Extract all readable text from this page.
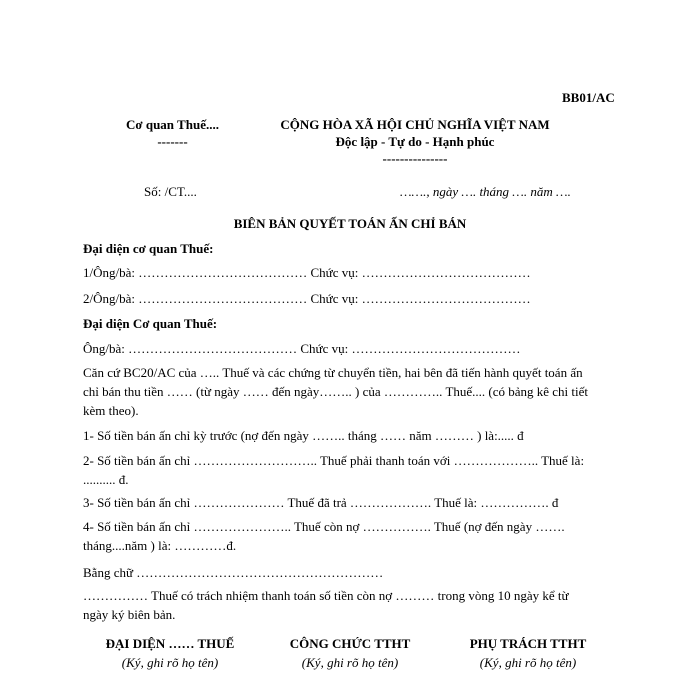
BB01/AC
Cơ quan Thuế....
-------
CỘNG HÒA XÃ HỘI CHỦ NGHĨA VIỆT NAM
Độc lập - Tự do - Hạnh phúc
---------------
Số: /CT....	……., ngày …. tháng …. năm ….
BIÊN BẢN QUYẾT TOÁN ẤN CHỈ BÁN
Đại diện cơ quan Thuế:
1/Ông/bà: ………………………………… Chức vụ: …………………………………
2/Ông/bà: ………………………………… Chức vụ: …………………………………
Đại diện Cơ quan Thuế:
Ông/bà: ………………………………… Chức vụ: …………………………………
Căn cứ BC20/AC của ….. Thuế và các chứng từ chuyển tiền, hai bên đã tiến hành quyết toán ấn chỉ bán thu tiền …… (từ ngày …… đến ngày…….. ) của ………….. Thuế.... (có bảng kê chi tiết kèm theo).
1- Số tiền bán ấn chỉ kỳ trước (nợ đến ngày …….. tháng …… năm ……… ) là:..... đ
2- Số tiền bán ấn chỉ ……………………….. Thuế phải thanh toán với ……………….. Thuế là: .......... đ.
3- Số tiền bán ấn chỉ ………………… Thuế đã trả ………………. Thuế là: ……………. đ
4- Số tiền bán ấn chỉ ………………….. Thuế còn nợ ……………. Thuế (nợ đến ngày ……. tháng....năm ) là: …………đ.
Bằng chữ …………………………………………………
…………… Thuế có trách nhiệm thanh toán số tiền còn nợ ……… trong vòng 10 ngày kể từ ngày ký biên bản.
ĐẠI DIỆN …… THUẾ
(Ký, ghi rõ họ tên)
CÔNG CHỨC TTHT
(Ký, ghi rõ họ tên)
PHỤ TRÁCH TTHT
(Ký, ghi rõ họ tên)
